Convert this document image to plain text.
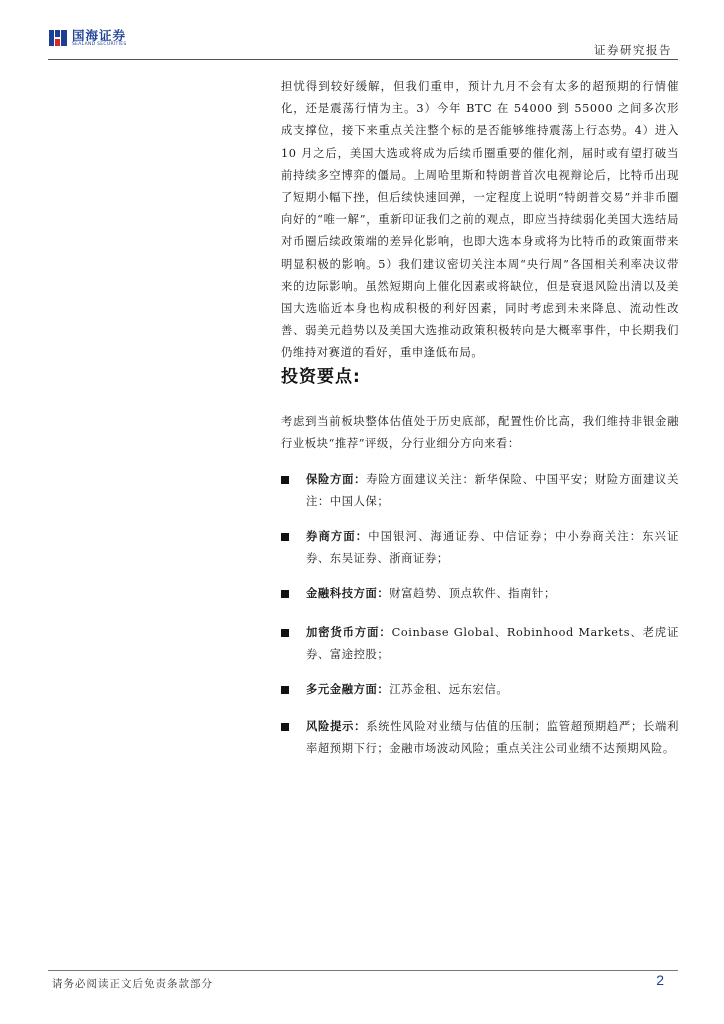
国海证券
SEALAND SECURITIES	证券研究报告
担忧得到较好缓解，但我们重申，预计九月不会有太多的超预期的行情催化，还是震荡行情为主。3）今年 BTC 在 54000 到 55000 之间多次形成支撑位，接下来重点关注整个标的是否能够维持震荡上行态势。4）进入 10 月之后，美国大选或将成为后续币圈重要的催化剂，届时或有望打破当前持续多空博弈的僵局。上周哈里斯和特朗普首次电视辩论后，比特币出现了短期小幅下挫，但后续快速回弹，一定程度上说明“特朗普交易”并非币圈向好的“唯一解”，重新印证我们之前的观点，即应当持续弱化美国大选结局对币圈后续政策端的差异化影响，也即大选本身或将为比特币的政策面带来明显积极的影响。5）我们建议密切关注本周“央行周”各国相关利率决议带来的边际影响。虽然短期向上催化因素或将缺位，但是衰退风险出清以及美国大选临近本身也构成积极的利好因素，同时考虑到未来降息、流动性改善、弱美元趋势以及美国大选推动政策积极转向是大概率事件，中长期我们仍维持对赛道的看好，重申逢低布局。
投资要点:
考虑到当前板块整体估值处于历史底部，配置性价比高，我们维持非银金融行业板块“推荐”评级，分行业细分方向来看：
保险方面：寿险方面建议关注：新华保险、中国平安；财险方面建议关注：中国人保；
券商方面：中国银河、海通证券、中信证券；中小券商关注：东兴证券、东吴证券、浙商证券；
金融科技方面：财富趋势、顶点软件、指南针；
加密货币方面：Coinbase Global、Robinhood Markets、老虎证券、富途控股；
多元金融方面：江苏金租、远东宏信。
风险提示：系统性风险对业绩与估值的压制；监管超预期趋严；长端利率超预期下行；金融市场波动风险；重点关注公司业绩不达预期风险。
请务必阅读正文后免责条款部分	2
